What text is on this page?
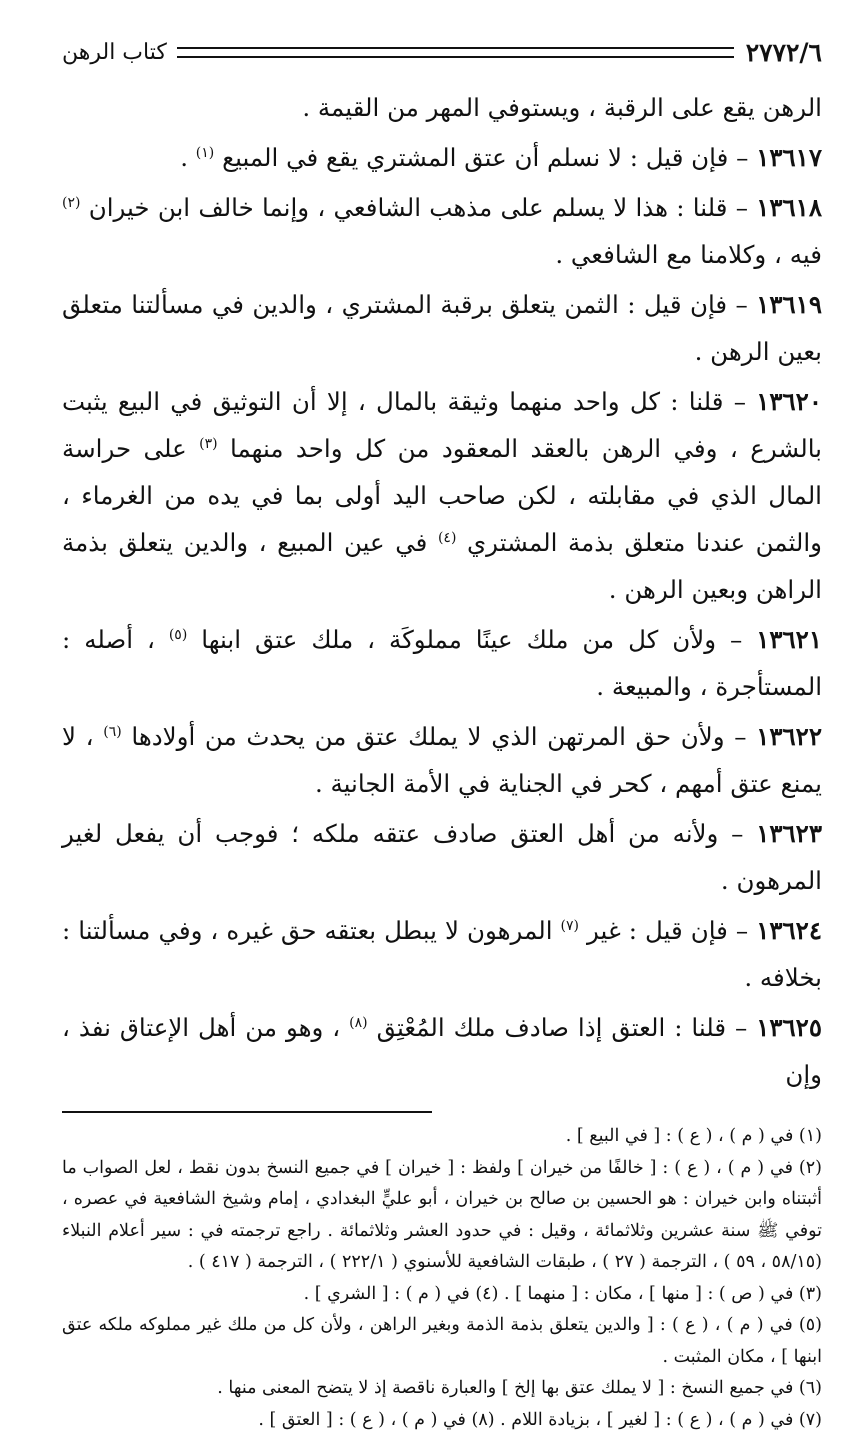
٢٧٧٢/٦
كتاب الرهن

الرهن يقع على الرقبة ، ويستوفي المهر من القيمة .

١٣٦١٧ – فإن قيل : لا نسلم أن عتق المشتري يقع في المبيع $^{(١)}$ .

١٣٦١٨ – قلنا : هذا لا يسلم على مذهب الشافعي ، وإنما خالف ابن خيران $^{(٢)}$ فيه ، وكلامنا مع الشافعي .

١٣٦١٩ – فإن قيل : الثمن يتعلق برقبة المشتري ، والدين في مسألتنا متعلق بعين الرهن .

١٣٦٢٠ – قلنا : كل واحد منهما وثيقة بالمال ، إلا أن التوثيق في البيع يثبت بالشرع ، وفي الرهن بالعقد المعقود من كل واحد منهما $^{(٣)}$ على حراسة المال الذي في مقابلته ، لكن صاحب اليد أولى بما في يده من الغرماء ، والثمن عندنا متعلق بذمة المشتري $^{(٤)}$ في عين المبيع ، والدين يتعلق بذمة الراهن وبعين الرهن .

١٣٦٢١ – ولأن كل من ملك عينًا مملوكَة ، ملك عتق ابنها $^{(٥)}$ ، أصله : المستأجرة ، والمبيعة .

١٣٦٢٢ – ولأن حق المرتهن الذي لا يملك عتق من يحدث من أولادها $^{(٦)}$ ، لا يمنع عتق أمهم ، كحر في الجناية في الأمة الجانية .

١٣٦٢٣ – ولأنه من أهل العتق صادف عتقه ملكه ؛ فوجب أن يفعل لغير المرهون .

١٣٦٢٤ – فإن قيل : غير $^{(٧)}$ المرهون لا يبطل بعتقه حق غيره ، وفي مسألتنا : بخلافه .

١٣٦٢٥ – قلنا : العتق إذا صادف ملك المُعْتِق $^{(٨)}$ ، وهو من أهل الإعتاق نفذ ، وإن

(١) في ( م ) ، ( ع ) : [ في البيع ] .

(٢) في ( م ) ، ( ع ) : [ خالفًا من خيران ] ولفظ : [ خيران ] في جميع النسخ بدون نقط ، لعل الصواب ما أثبتناه وابن خيران : هو الحسين بن صالح بن خيران ، أبو عليٍّ البغدادي ، إمام وشيخ الشافعية في عصره ، توفي ﷺ سنة عشرين وثلاثمائة ، وقيل : في حدود العشر وثلاثمائة . راجع ترجمته في : سير أعلام النبلاء (٥٨/١٥ ، ٥٩ ) ، الترجمة ( ٢٧ ) ، طبقات الشافعية للأسنوي ( ٢٢٢/١ ) ، الترجمة ( ٤١٧ ) .

(٣) في ( ص ) : [ منها ] ، مكان : [ منهما ] . (٤) في ( م ) : [ الشري ] .

(٥) في ( م ) ، ( ع ) : [ والدين يتعلق بذمة الذمة وبغير الراهن ، ولأن كل من ملك غير مملوكه ملكه عتق ابنها ] ، مكان المثبت .

(٦) في جميع النسخ : [ لا يملك عتق بها إلخ ] والعبارة ناقصة إذ لا يتضح المعنى منها .

(٧) في ( م ) ، ( ع ) : [ لغير ] ، بزيادة اللام . (٨) في ( م ) ، ( ع ) : [ العتق ] .
